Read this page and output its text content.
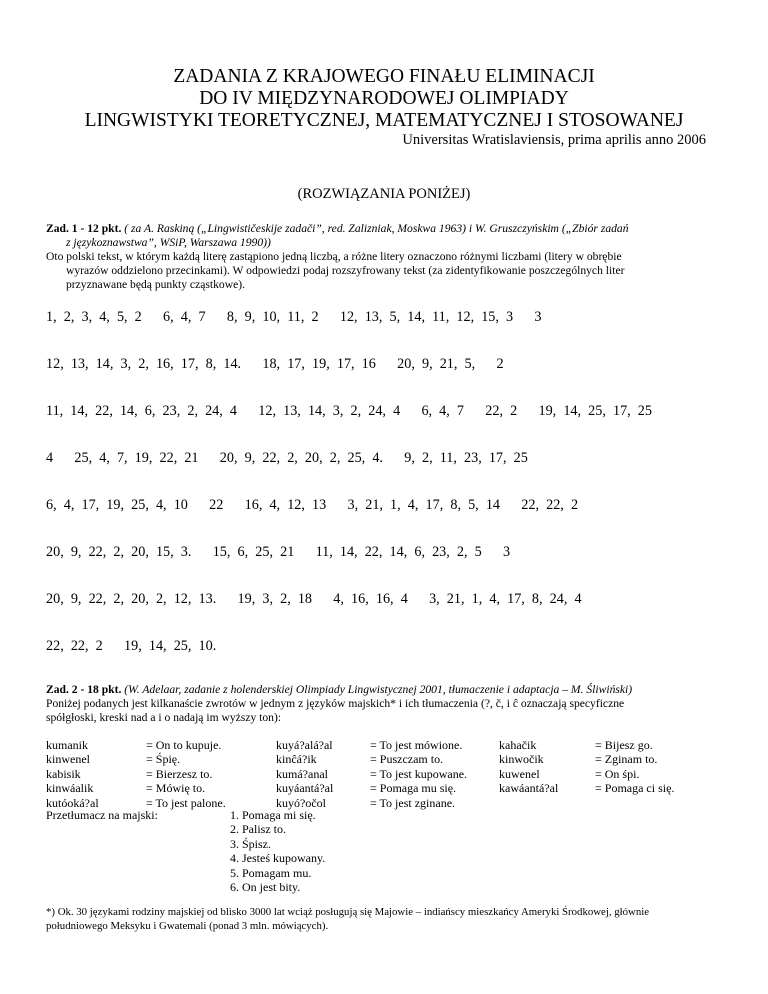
ZADANIA Z KRAJOWEGO FINAŁU ELIMINACJI
DO IV MIĘDZYNARODOWEJ OLIMPIADY
LINGWISTYKI TEORETYCZNEJ, MATEMATYCZNEJ I STOSOWANEJ
Universitas Wratislaviensis, prima aprilis anno 2006
(ROZWIĄZANIA PONIŻEJ)
Zad. 1 - 12 pkt. ( za A. Raskiną („Lingwističeskije zadači”, red. Zalizniak, Moskwa 1963) i W. Gruszczyńskim („Zbiór zadań
z językoznawstwa”, WSiP, Warszawa 1990))
Oto polski tekst, w którym każdą literę zastąpiono jedną liczbą, a różne litery oznaczono różnymi liczbami (litery w obrębie
wyrazów oddzielono przecinkami). W odpowiedzi podaj rozszyfrowany tekst (za zidentyfikowanie poszczególnych liter
przyznawane będą punkty cząstkowe).
1,  2,  3,  4,  5,  2      6,  4,  7      8,  9,  10,  11,  2      12,  13,  5,  14,  11,  12,  15,  3      3
12,  13,  14,  3,  2,  16,  17,  8,  14.      18,  17,  19,  17,  16      20,  9,  21,  5,      2
11,  14,  22,  14,  6,  23,  2,  24,  4      12,  13,  14,  3,  2,  24,  4      6,  4,  7      22,  2      19,  14,  25,  17,  25
4      25,  4,  7,  19,  22,  21      20,  9,  22,  2,  20,  2,  25,  4.      9,  2,  11,  23,  17,  25
6,  4,  17,  19,  25,  4,  10      22      16,  4,  12,  13      3,  21,  1,  4,  17,  8,  5,  14      22,  22,  2
20,  9,  22,  2,  20,  15,  3.      15,  6,  25,  21      11,  14,  22,  14,  6,  23,  2,  5      3
20,  9,  22,  2,  20,  2,  12,  13.      19,  3,  2,  18      4,  16,  16,  4      3,  21,  1,  4,  17,  8,  24,  4
22,  22,  2      19,  14,  25,  10.
Zad. 2 - 18 pkt. (W. Adelaar, zadanie z holenderskiej Olimpiady Lingwistycznej 2001, tłumaczenie i adaptacja – M. Śliwiński)
Poniżej podanych jest kilkanaście zwrotów w jednym z języków majskich* i ich tłumaczenia (?, č, i ĉ oznaczają specyficzne
spółgłoski, kreski nad a i o nadają im wyższy ton):
kumanik
kinwenel
kabisik
kinwáalik
kutóoká?al
= On to kupuje.
= Śpię.
= Bierzesz to.
= Mówię to.
= To jest palone.
kuyá?alá?al
kinĉá?ik
kumá?anal
kuyáantá?al
kuyó?očol
= To jest mówione.
= Puszczam to.
= To jest kupowane.
= Pomaga mu się.
= To jest zginane.
kahačik
kinwočik
kuwenel
kawáantá?al
= Bijesz go.
= Zginam to.
= On śpi.
= Pomaga ci się.
Przetłumacz na majski:	1. Pomaga mi się.
2. Palisz to.
3. Śpisz.
4. Jesteś kupowany.
5. Pomagam mu.
6. On jest bity.
*) Ok. 30 językami rodziny majskiej od blisko 3000 lat wciąż posługują się Majowie – indiańscy mieszkańcy Ameryki Środkowej, głównie
południowego Meksyku i Gwatemali (ponad 3 mln. mówiących).
